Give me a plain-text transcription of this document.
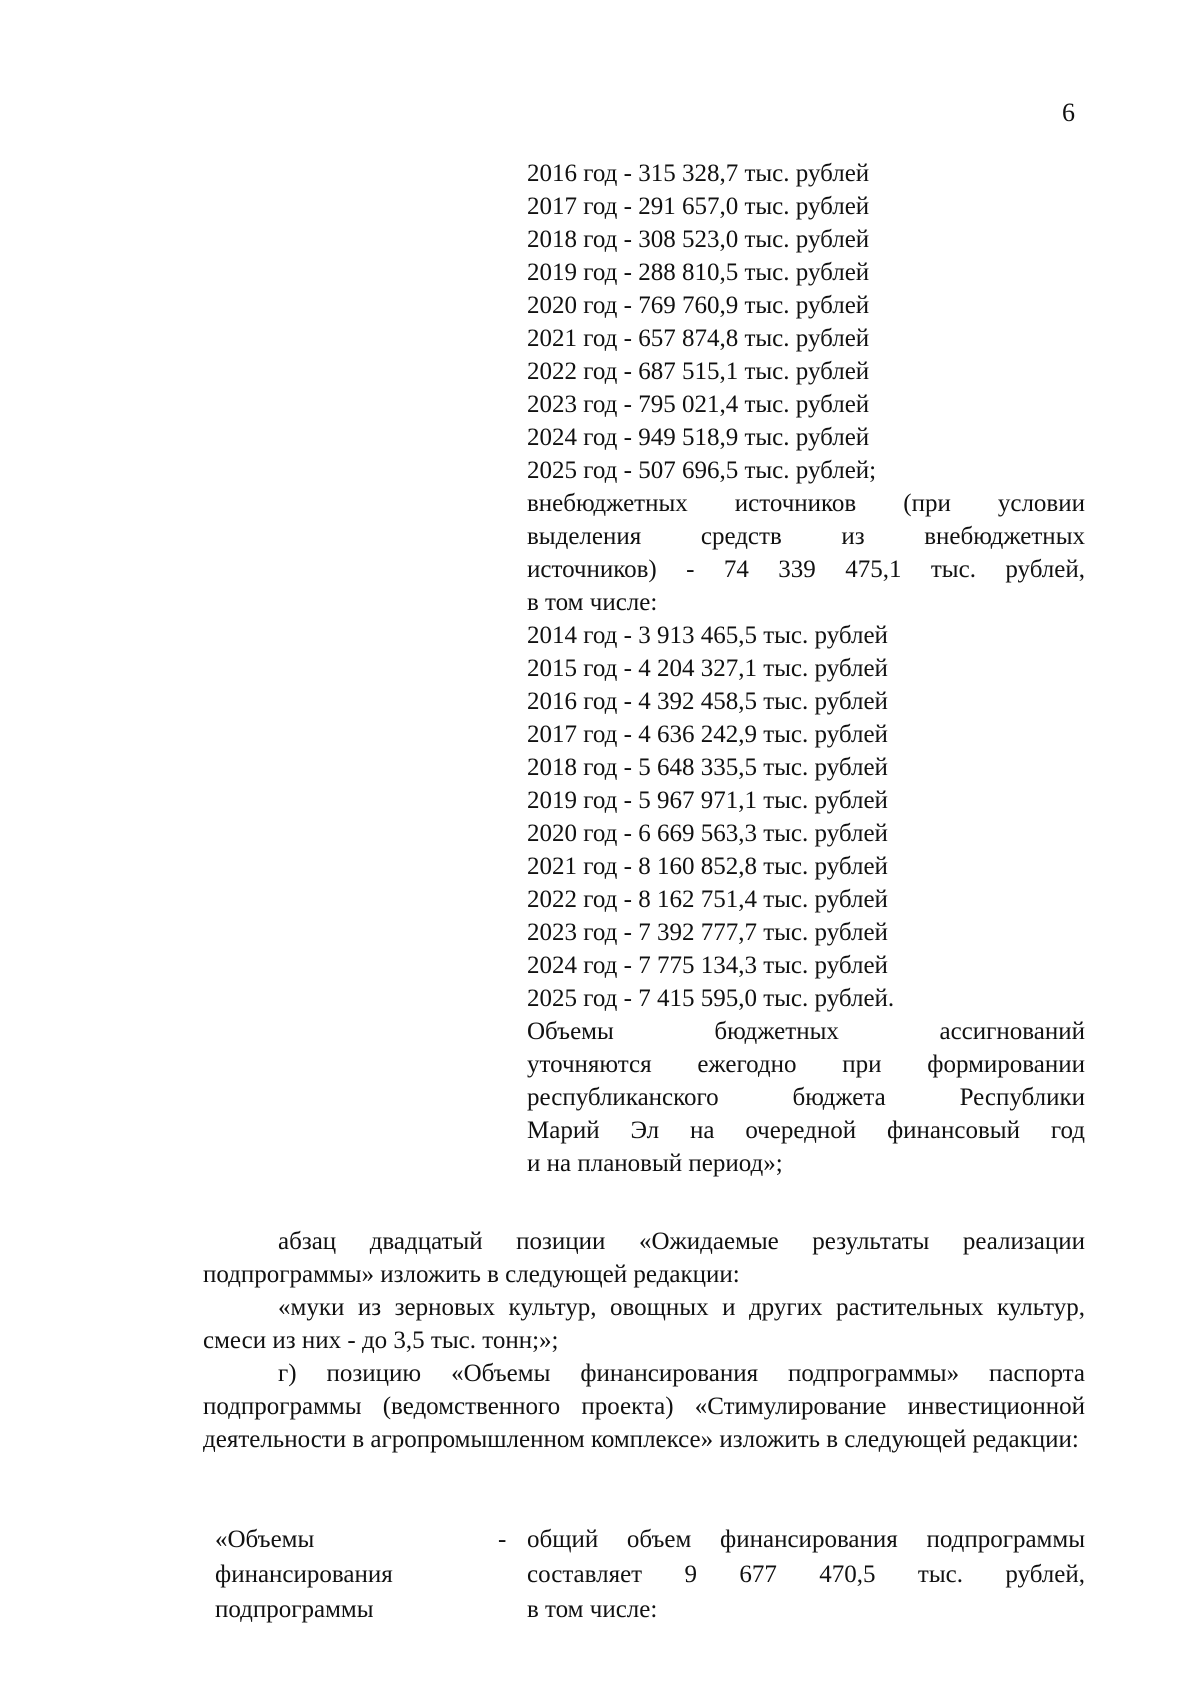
6
2016 год - 315 328,7 тыс. рублей
2017 год - 291 657,0 тыс. рублей
2018 год - 308 523,0 тыс. рублей
2019 год - 288 810,5 тыс. рублей
2020 год - 769 760,9 тыс. рублей
2021 год - 657 874,8 тыс. рублей
2022 год - 687 515,1 тыс. рублей
2023 год - 795 021,4 тыс. рублей
2024 год - 949 518,9 тыс. рублей
2025 год - 507 696,5 тыс. рублей;
внебюджетных источников (при условии
выделения средств из внебюджетных
источников) - 74 339 475,1 тыс. рублей,
в том числе:
2014 год - 3 913 465,5 тыс. рублей
2015 год - 4 204 327,1 тыс. рублей
2016 год - 4 392 458,5 тыс. рублей
2017 год - 4 636 242,9 тыс. рублей
2018 год - 5 648 335,5 тыс. рублей
2019 год - 5 967 971,1 тыс. рублей
2020 год - 6 669 563,3 тыс. рублей
2021 год - 8 160 852,8 тыс. рублей
2022 год - 8 162 751,4 тыс. рублей
2023 год - 7 392 777,7 тыс. рублей
2024 год - 7 775 134,3 тыс. рублей
2025 год - 7 415 595,0 тыс. рублей.
Объемы бюджетных ассигнований
уточняются ежегодно при формировании
республиканского бюджета Республики
Марий Эл на очередной финансовый год
и на плановый период»;

абзац двадцатый позиции «Ожидаемые результаты реализации подпрограммы» изложить в следующей редакции:

«муки из зерновых культур, овощных и других растительных культур, смеси из них - до 3,5 тыс. тонн;»;

г) позицию «Объемы финансирования подпрограммы» паспорта подпрограммы (ведомственного проекта) «Стимулирование инвестиционной деятельности в агропромышленном комплексе» изложить в следующей редакции:

«Объемы
финансирования
подпрограммы
- общий объем финансирования подпрограммы
составляет 9 677 470,5 тыс. рублей,
в том числе:
